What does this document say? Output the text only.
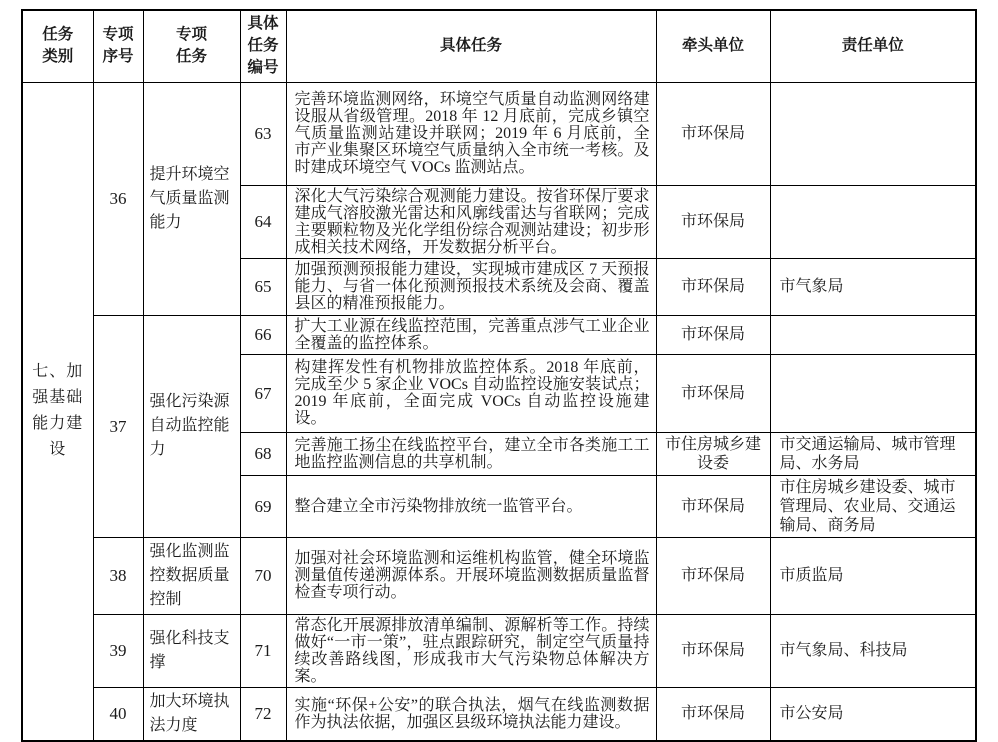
任务
类别	专项
序号	专项
任务	具体
任务
编号	具体任务	牵头单位	责任单位
七、加强基础能力建设	36	提升环境空气质量监测能力	63	完善环境监测网络，环境空气质量自动监测网络建设服从省级管理。2018 年 12 月底前，完成乡镇空气质量监测站建设并联网；2019 年 6 月底前，全市产业集聚区环境空气质量纳入全市统一考核。及时建成环境空气 VOCs 监测站点。	市环保局	
			64	深化大气污染综合观测能力建设。按省环保厅要求建成气溶胶激光雷达和风廓线雷达与省联网；完成主要颗粒物及光化学组份综合观测站建设；初步形成相关技术网络，开发数据分析平台。	市环保局	
			65	加强预测预报能力建设，实现城市建成区 7 天预报能力、与省一体化预测预报技术系统及会商、覆盖县区的精准预报能力。	市环保局	市气象局
	37	强化污染源自动监控能力	66	扩大工业源在线监控范围，完善重点涉气工业企业全覆盖的监控体系。	市环保局	
			67	构建挥发性有机物排放监控体系。2018 年底前，完成至少 5 家企业 VOCs 自动监控设施安装试点；2019 年底前，全面完成 VOCs 自动监控设施建设。	市环保局	
			68	完善施工扬尘在线监控平台，建立全市各类施工工地监控监测信息的共享机制。	市住房城乡建设委	市交通运输局、城市管理局、水务局
			69	整合建立全市污染物排放统一监管平台。	市环保局	市住房城乡建设委、城市管理局、农业局、交通运输局、商务局
	38	强化监测监控数据质量控制	70	加强对社会环境监测和运维机构监管，健全环境监测量值传递溯源体系。开展环境监测数据质量监督检查专项行动。	市环保局	市质监局
	39	强化科技支撑	71	常态化开展源排放清单编制、源解析等工作。持续做好“一市一策”，驻点跟踪研究，制定空气质量持续改善路线图，形成我市大气污染物总体解决方案。	市环保局	市气象局、科技局
	40	加大环境执法力度	72	实施“环保+公安”的联合执法，烟气在线监测数据作为执法依据，加强区县级环境执法能力建设。	市环保局	市公安局
